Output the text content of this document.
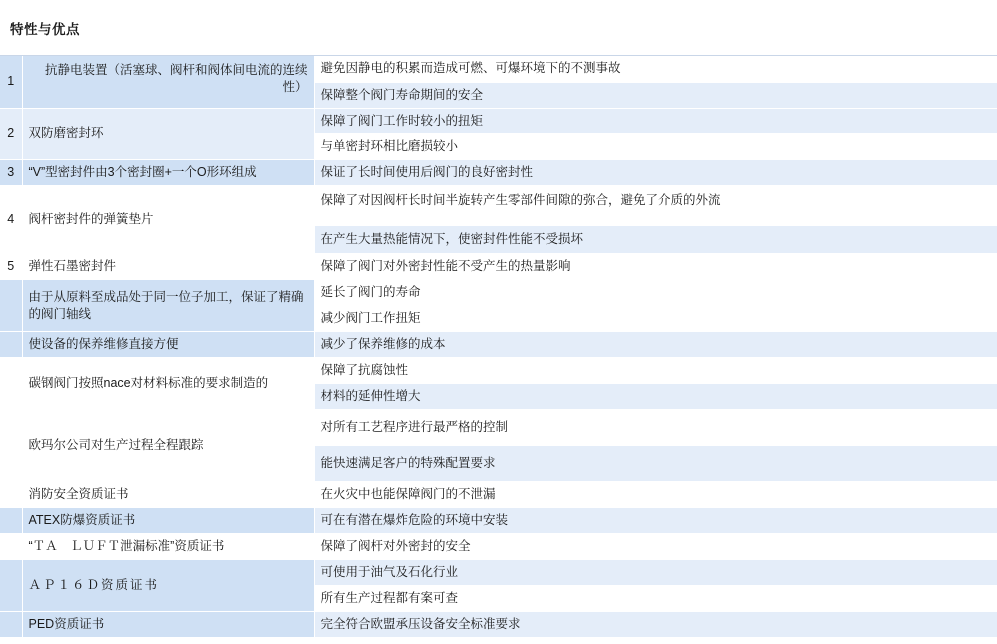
特性与优点
1	抗静电装置（活塞球、阀杆和阀体间电流的连续性）	避免因静电的积累而造成可燃、可爆环境下的不测事故
		保障整个阀门寿命期间的安全
2	双防磨密封环	保障了阀门工作时较小的扭矩
		与单密封环相比磨损较小
3	“V”型密封件由3个密封圈+一个O形环组成	保证了长时间使用后阀门的良好密封性
4	阀杆密封件的弹簧垫片	保障了对因阀杆长时间半旋转产生零部件间隙的弥合，避免了介质的外流
		在产生大量热能情况下，使密封件性能不受损坏
5	弹性石墨密封件	保障了阀门对外密封性能不受产生的热量影响
	由于从原料至成品处于同一位子加工，保证了精确的阀门轴线	延长了阀门的寿命
		减少阀门工作扭矩
	使设备的保养维修直接方便	减少了保养维修的成本
	碳钢阀门按照nace对材料标准的要求制造的	保障了抗腐蚀性
		材料的延伸性增大
	欧玛尔公司对生产过程全程跟踪	对所有工艺程序进行最严格的控制
		能快速满足客户的特殊配置要求
	消防安全资质证书	在火灾中也能保障阀门的不泄漏
	ATEX防爆资质证书	可在有潜在爆炸危险的环境中安装
	“ＴＡ　ＬＵＦＴ泄漏标准”资质证书	保障了阀杆对外密封的安全
	ＡＰ１６Ｄ资质证书	可使用于油气及石化行业
		所有生产过程都有案可查
	PED资质证书	完全符合欧盟承压设备安全标准要求
